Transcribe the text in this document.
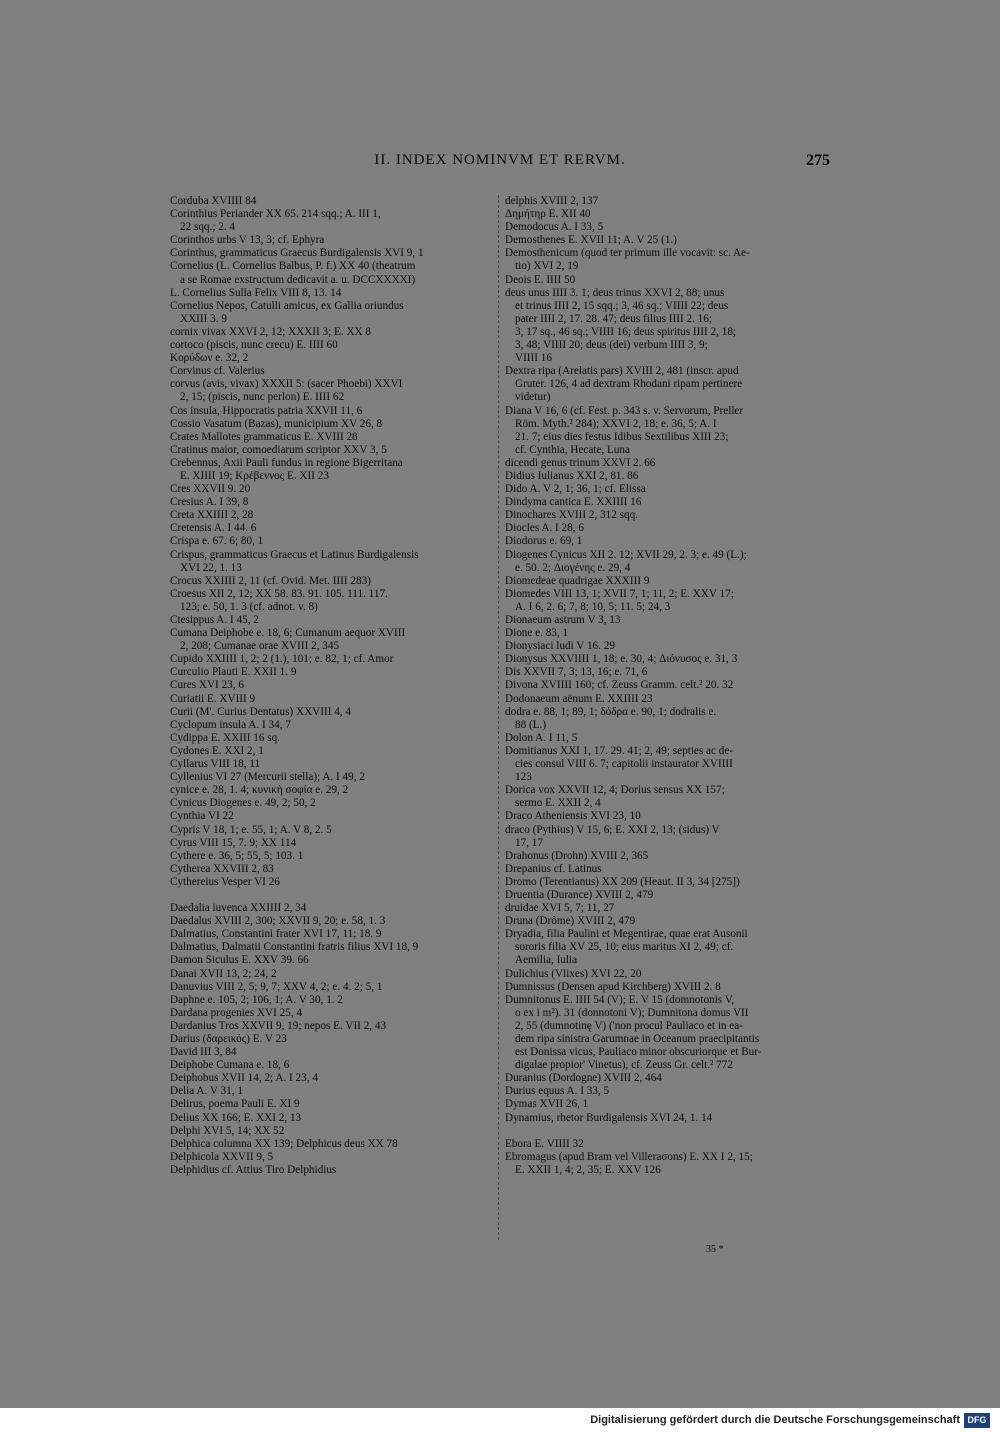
II. INDEX NOMINVM ET RERVM.	275
Corduba XVIIII 84
Corinthius Periander XX 65. 214 sqq.; A. III 1,
22 sqq.; 2. 4
Corinthos urbs V 13, 3; cf. Ephyra
Corinthus, grammaticus Graecus Burdigalensis XVI 9, 1
Cornelius (L. Cornelius Balbus, P. f.) XX 40 (theatrum
a se Romae exstructum dedicavit a. u. DCCXXXXI)
L. Cornelius Sulla Felix VIII 8, 13. 14
Cornelius Nepos, Catulli amicus, ex Gallia oriundus
XXIII 3. 9
cornix vivax XXVI 2, 12; XXXII 3; E. XX 8
cortoco (piscis, nunc crecu) E. IIII 60
Κορύδων e. 32, 2
Corvinus cf. Valerius
corvus (avis, vivax) XXXII 5: (sacer Phoebi) XXVI
2, 15; (piscis, nunc perlon) E. IIII 62
Cos insula, Hippocratis patria XXVII 11, 6
Cossio Vasatum (Bazas), municipium XV 26, 8
Crates Mallotes grammaticus E. XVIII 28
Cratinus maior, comoediarum scriptor XXV 3, 5
Crebennus, Axii Pauli fundus in regione Bigerritana
E. XIIII 19; Κρέβεννος E. XII 23
Cres XXVII 9. 20
Cresius A. I 39, 8
Creta XXIIII 2, 28
Cretensis A. I 44. 6
Crispa e. 67. 6; 80, 1
Crispus, grammaticus Graecus et Latinus Burdigalensis
XVI 22, 1. 13
Crocus XXIIII 2, 11 (cf. Ovid. Met. IIII 283)
Croesus XII 2, 12; XX 58. 83. 91. 105. 111. 117.
123; e. 50, 1. 3 (cf. adnot. v. 8)
Ctesippus A. I 45, 2
Cumana Deiphobe e. 18, 6; Cumanum aequor XVIII
2, 208; Cumanae orae XVIII 2, 345
Cupido XXIIII 1, 2; 2 (1.), 101; e. 82, 1; cf. Amor
Curculio Plauti E. XXII 1. 9
Cures XVI 23, 6
Curiatii E. XVIII 9
Curii (M'. Curius Dentatus) XXVIII 4, 4
Cyclopum insula A. I 34, 7
Cydippa E. XXIII 16 sq.
Cydones E. XXI 2, 1
Cyllarus VIII 18, 11
Cyllenius VI 27 (Mercurii stella); A. I 49, 2
cynice e. 28, 1. 4; κυνικὴ σοφία e. 29, 2
Cynicus Diogenes e. 49, 2; 50, 2
Cynthia VI 22
Cypris V 18, 1; e. 55, 1; A. V 8, 2. 5
Cyrus VIII 15, 7. 9; XX 114
Cythere e. 36, 5; 55, 5; 103. 1
Cytherea XXVIII 2, 83
Cythereius Vesper VI 26
Daedalia iuvenca XXIIII 2, 34
Daedalus XVIII 2, 300; XXVII 9, 20; e. 58, 1. 3
Dalmatius, Constantini frater XVI 17, 11; 18. 9
Dalmatius, Dalmatii Constantini fratris filius XVI 18, 9
Damon Siculus E. XXV 39. 66
Danai XVII 13, 2; 24, 2
Danuvius VIII 2, 5; 9, 7; XXV 4, 2; e. 4. 2; 5, 1
Daphne e. 105, 2; 106, 1; A. V 30, 1. 2
Dardana progenies XVI 25, 4
Dardanius Tros XXVII 9, 19; nepos E. VII 2, 43
Darius (δαρεικός) E. V 23
David III 3, 84
Deiphobe Cumana e. 18, 6
Deiphobus XVII 14, 2; A. I 23, 4
Delia A. V 31, 1
Delirus, poema Pauli E. XI 9
Delius XX 166; E. XXI 2, 13
Delphi XVI 5, 14; XX 52
Delphica columna XX 139; Delphicus deus XX 78
Delphicola XXVII 9, 5
Delphidius cf. Attius Tiro Delphidius
delphis XVIII 2, 137
Δημήτηρ E. XII 40
Demodocus A. I 33, 5
Demosthenes E. XVII 11; A. V 25 (1.)
Demosthenicum (quod ter primum ille vocavit: sc. Ae-
tio) XVI 2, 19
Deois E. IIII 50
deus unus IIII 3. 1; deus trinus XXVI 2, 88; unus
et trinus IIII 2, 15 sqq.; 3, 46 sq.; VIIII 22; deus
pater IIII 2, 17. 28. 47; deus filius IIII 2. 16;
3, 17 sq., 46 sq.; VIIII 16; deus spiritus IIII 2, 18;
3, 48; VIIII 20; deus (dei) verbum IIII 3, 9;
VIIII 16
Dextra ripa (Arelatis pars) XVIII 2, 481 (inscr. apud
Gruter. 126, 4 ad dextram Rhodani ripam pertinere
videtur)
Diana V 16, 6 (cf. Fest. p. 343 s. v. Servorum, Preller
Röm. Myth.² 284); XXVI 2, 18; e. 36, 5; A. I
21. 7; eius dies festus Idibus Sextilibus XIII 23;
cf. Cynthia, Hecate, Luna
dicendi genus trinum XXVI 2. 66
Didius Iulianus XXI 2, 81. 86
Dido A. V 2, 1; 36, 1; cf. Elissa
Dindyma cantica E. XXIIII 16
Dinochares XVIII 2, 312 sqq.
Diocles A. I 28, 6
Diodorus e. 69, 1
Diogenes Cynicus XII 2. 12; XVII 29, 2. 3; e. 49 (L.);
e. 50. 2; Διογένης e. 29, 4
Diomedeae quadrigae XXXIII 9
Diomedes VIII 13, 1; XVII 7, 1; 11, 2; E. XXV 17;
A. I 6, 2. 6; 7, 8; 10, 5; 11. 5; 24, 3
Dionaeum astrum V 3, 13
Dione e. 83, 1
Dionysiaci ludi V 16. 29
Dionysus XXVIIII 1, 18; e. 30, 4; Διόνυσος e. 31, 3
Dis XXVII 7, 3; 13, 16; e. 71, 6
Divona XVIIII 160; cf. Zeuss Gramm. celt.² 20. 32
Dodonaeum aënum E. XXIIII 23
dodra e. 88, 1; 89, 1; δόδρα e. 90, 1; dodralis e.
88 (L.)
Dolon A. I 11, 5
Domitianus XXI 1, 17. 29. 41; 2, 49; septies ac de-
cies consul VIII 6. 7; capitolii instaurator XVIIII
123
Dorica vox XXVII 12, 4; Dorius sensus XX 157;
sermo E. XXII 2, 4
Draco Atheniensis XVI 23, 10
draco (Pythius) V 15, 6; E. XXI 2, 13; (sidus) V
17, 17
Drahonus (Drohn) XVIII 2, 365
Drepanius cf. Latinus
Dromo (Terentianus) XX 209 (Heaut. II 3, 34 [275])
Druentia (Durance) XVIII 2, 479
druidae XVI 5, 7; 11, 27
Druna (Drôme) XVIII 2, 479
Dryadia, filia Paulini et Megentirae, quae erat Ausonii
sororis filia XV 25, 10; eius maritus XI 2, 49; cf.
Aemilia, Iulia
Dulichius (Vlixes) XVI 22, 20
Dumnissus (Densen apud Kirchberg) XVIII 2. 8
Dumnitonus E. IIII 54 (V); E. V 15 (domnotonis V,
o ex i m²). 31 (donnotoni V); Dumnitona domus VII
2, 55 (dumnotinę V) ('non procul Pauliaco et in ea-
dem ripa sinistra Garumnae in Oceanum praecipitantis
est Donissa vicus, Pauliaco minor obscuriorque et Bur-
digalae propior' Vinetus), cf. Zeuss Gr. celt.² 772
Duranius (Dordogne) XVIII 2, 464
Durius equus A. I 33, 5
Dymas XVII 26, 1
Dynamius, rhetor Burdigalensis XVI 24, 1. 14
Ebora E. VIIII 32
Ebromagus (apud Bram vel Villeraσons) E. XX I 2, 15;
E. XXII 1, 4; 2, 35; E. XXV 126
35 *
Digitalisierung gefördert durch die Deutsche Forschungsgemeinschaft DFG
